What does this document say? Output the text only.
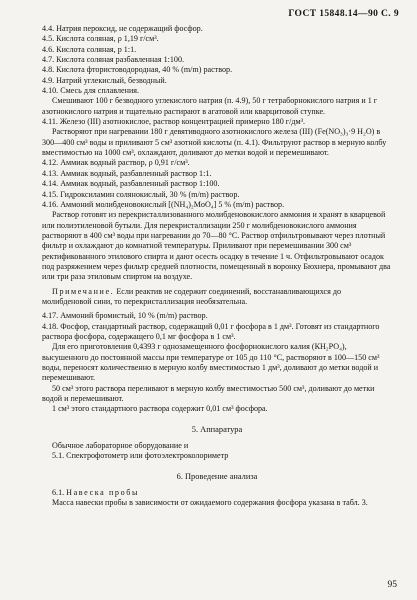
ГОСТ 15848.14—90 С. 9

4.4. Натрия пероксид, не содержащий фосфор.

4.5. Кислота соляная, ρ 1,19 г/см³.

4.6. Кислота соляная, р 1:1.

4.7. Кислота соляная разбавленная 1:100.

4.8. Кислота фтористоводородная, 40 % (m/m) раствор.

4.9. Натрий углекислый, безводный.

4.10. Смесь для сплавления.

Смешивают 100 г безводного углекислого натрия (п. 4.9), 50 г тетраборнокислого натрия и 1 г азотнокислого натрия и тщательно растирают в агатовой или кварцитовой ступке.

4.11. Железо (III) азотнокислое, раствор концентрацией примерно 180 г/дм³.

Растворяют при нагревании 180 г девятиводного азотнокислого железа (III) (Fe(NO₃)₃·9 H₂O) в 300—400 см³ воды и приливают 5 см³ азотной кислоты (п. 4.1). Фильтруют раствор в мерную колбу вместимостью на 1000 см³, охлаждают, доливают до метки водой и перемешивают.

4.12. Аммиак водный раствор, ρ 0,91 г/см³.

4.13. Аммиак водный, разбавленный раствор 1:1.

4.14. Аммиак водный, разбавленный раствор 1:100.

4.15. Гидроксиламин солянокислый, 30 % (m/m) раствор.

4.16. Аммоний молибденовокислый [(NH₄)₂MoO₄] 5 % (m/m) раствор.

Раствор готовят из перекристаллизованного молибденовокислого аммония и хранят в кварцевой или полиэтиленовой бутыли. Для перекристаллизации 250 г молибденовокислого аммония растворяют в 400 см³ воды при нагревании до 70—80 °С. Раствор отфильтровывают через плотный фильтр и охлаждают до комнатной температуры. Приливают при перемешивании 300 см³ ректификованного этилового спирта и дают осесть осадку в течение 1 ч. Отфильтровывают осадок под разряжением через фильтр средней плотности, помещенный в воронку Бюхнера, промывают два или три раза этиловым спиртом на воздухе.

Примечание. Если реактив не содержит соединений, восстанавливающихся до молибденовой сини, то перекристаллизация необязательна.

4.17. Аммоний бромистый, 10 % (m/m) раствор.

4.18. Фосфор, стандартный раствор, содержащий 0,01 г фосфора в 1 дм³. Готовят из стандартного раствора фосфора, содержащего 0,1 мг фосфора в 1 см³.

Для его приготовления 0,4393 г однозамещенного фосфорнокислого калия (КН₂РО₄), высушенного до постоянной массы при температуре от 105 до 110 °С, растворяют в 100—150 см³ воды, переносят количественно в мерную колбу вместимостью 1 дм³, доливают до метки водой и перемешивают.

50 см³ этого раствора переливают в мерную колбу вместимостью 500 см³, доливают до метки водой и перемешивают.

1 см³ этого стандартного раствора содержит 0,01 см³ фосфора.

5. Аппаратура

Обычное лабораторное оборудование и

5.1. Спектрофотометр или фотоэлектроколориметр

6. Проведение анализа

6.1. Навеска пробы

Масса навески пробы в зависимости от ожидаемого содержания фосфора указана в табл. 3.

95
